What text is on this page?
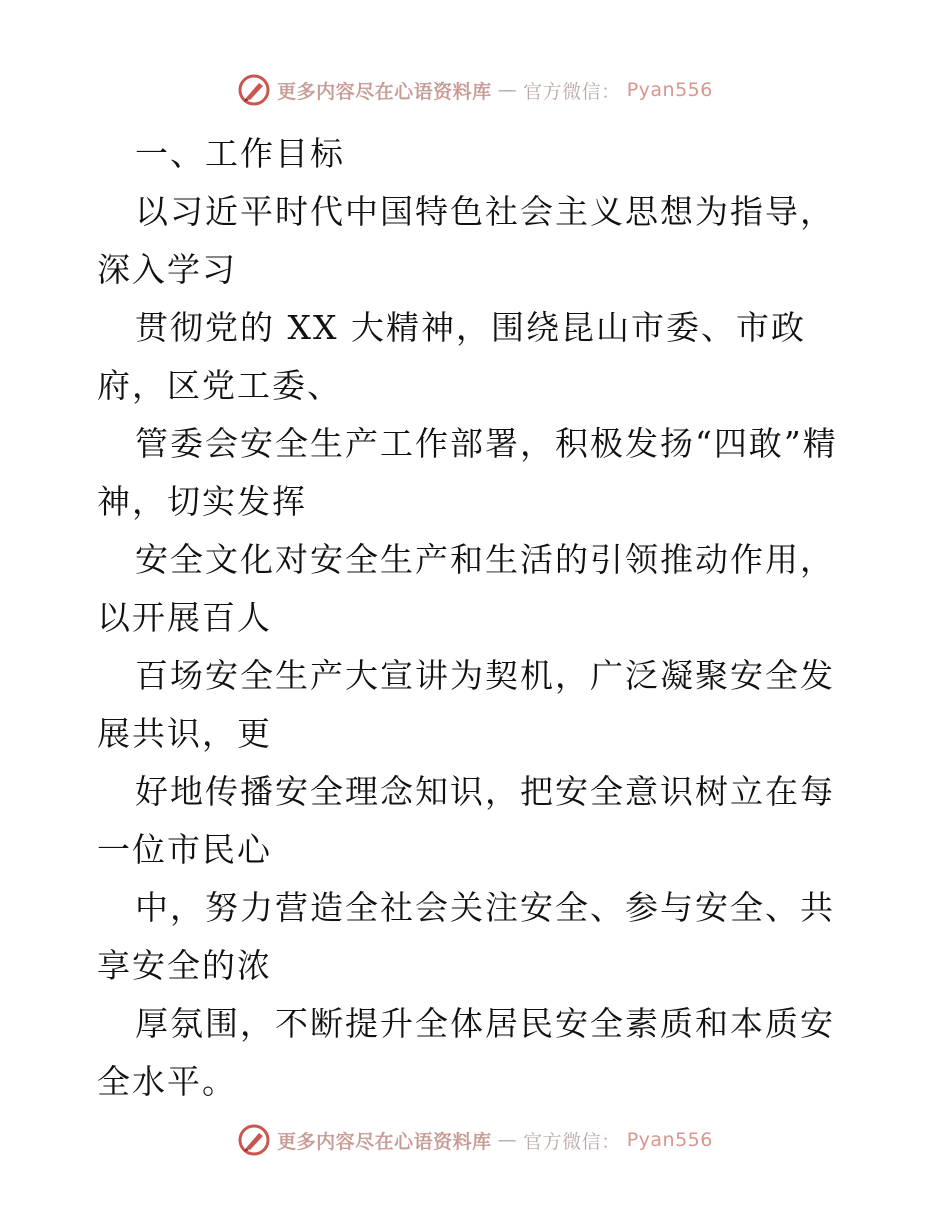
更多内容尽在心语资料库 — 官方微信： Pyan556

一、工作目标

以习近平时代中国特色社会主义思想为指导，深入学习

贯彻党的 XX 大精神，围绕昆山市委、市政府，区党工委、

管委会安全生产工作部署，积极发扬“四敢”精神，切实发挥

安全文化对安全生产和生活的引领推动作用，以开展百人

百场安全生产大宣讲为契机，广泛凝聚安全发展共识，更

好地传播安全理念知识，把安全意识树立在每一位市民心

中，努力营造全社会关注安全、参与安全、共享安全的浓

厚氛围，不断提升全体居民安全素质和本质安全水平。

更多内容尽在心语资料库 — 官方微信： Pyan556
